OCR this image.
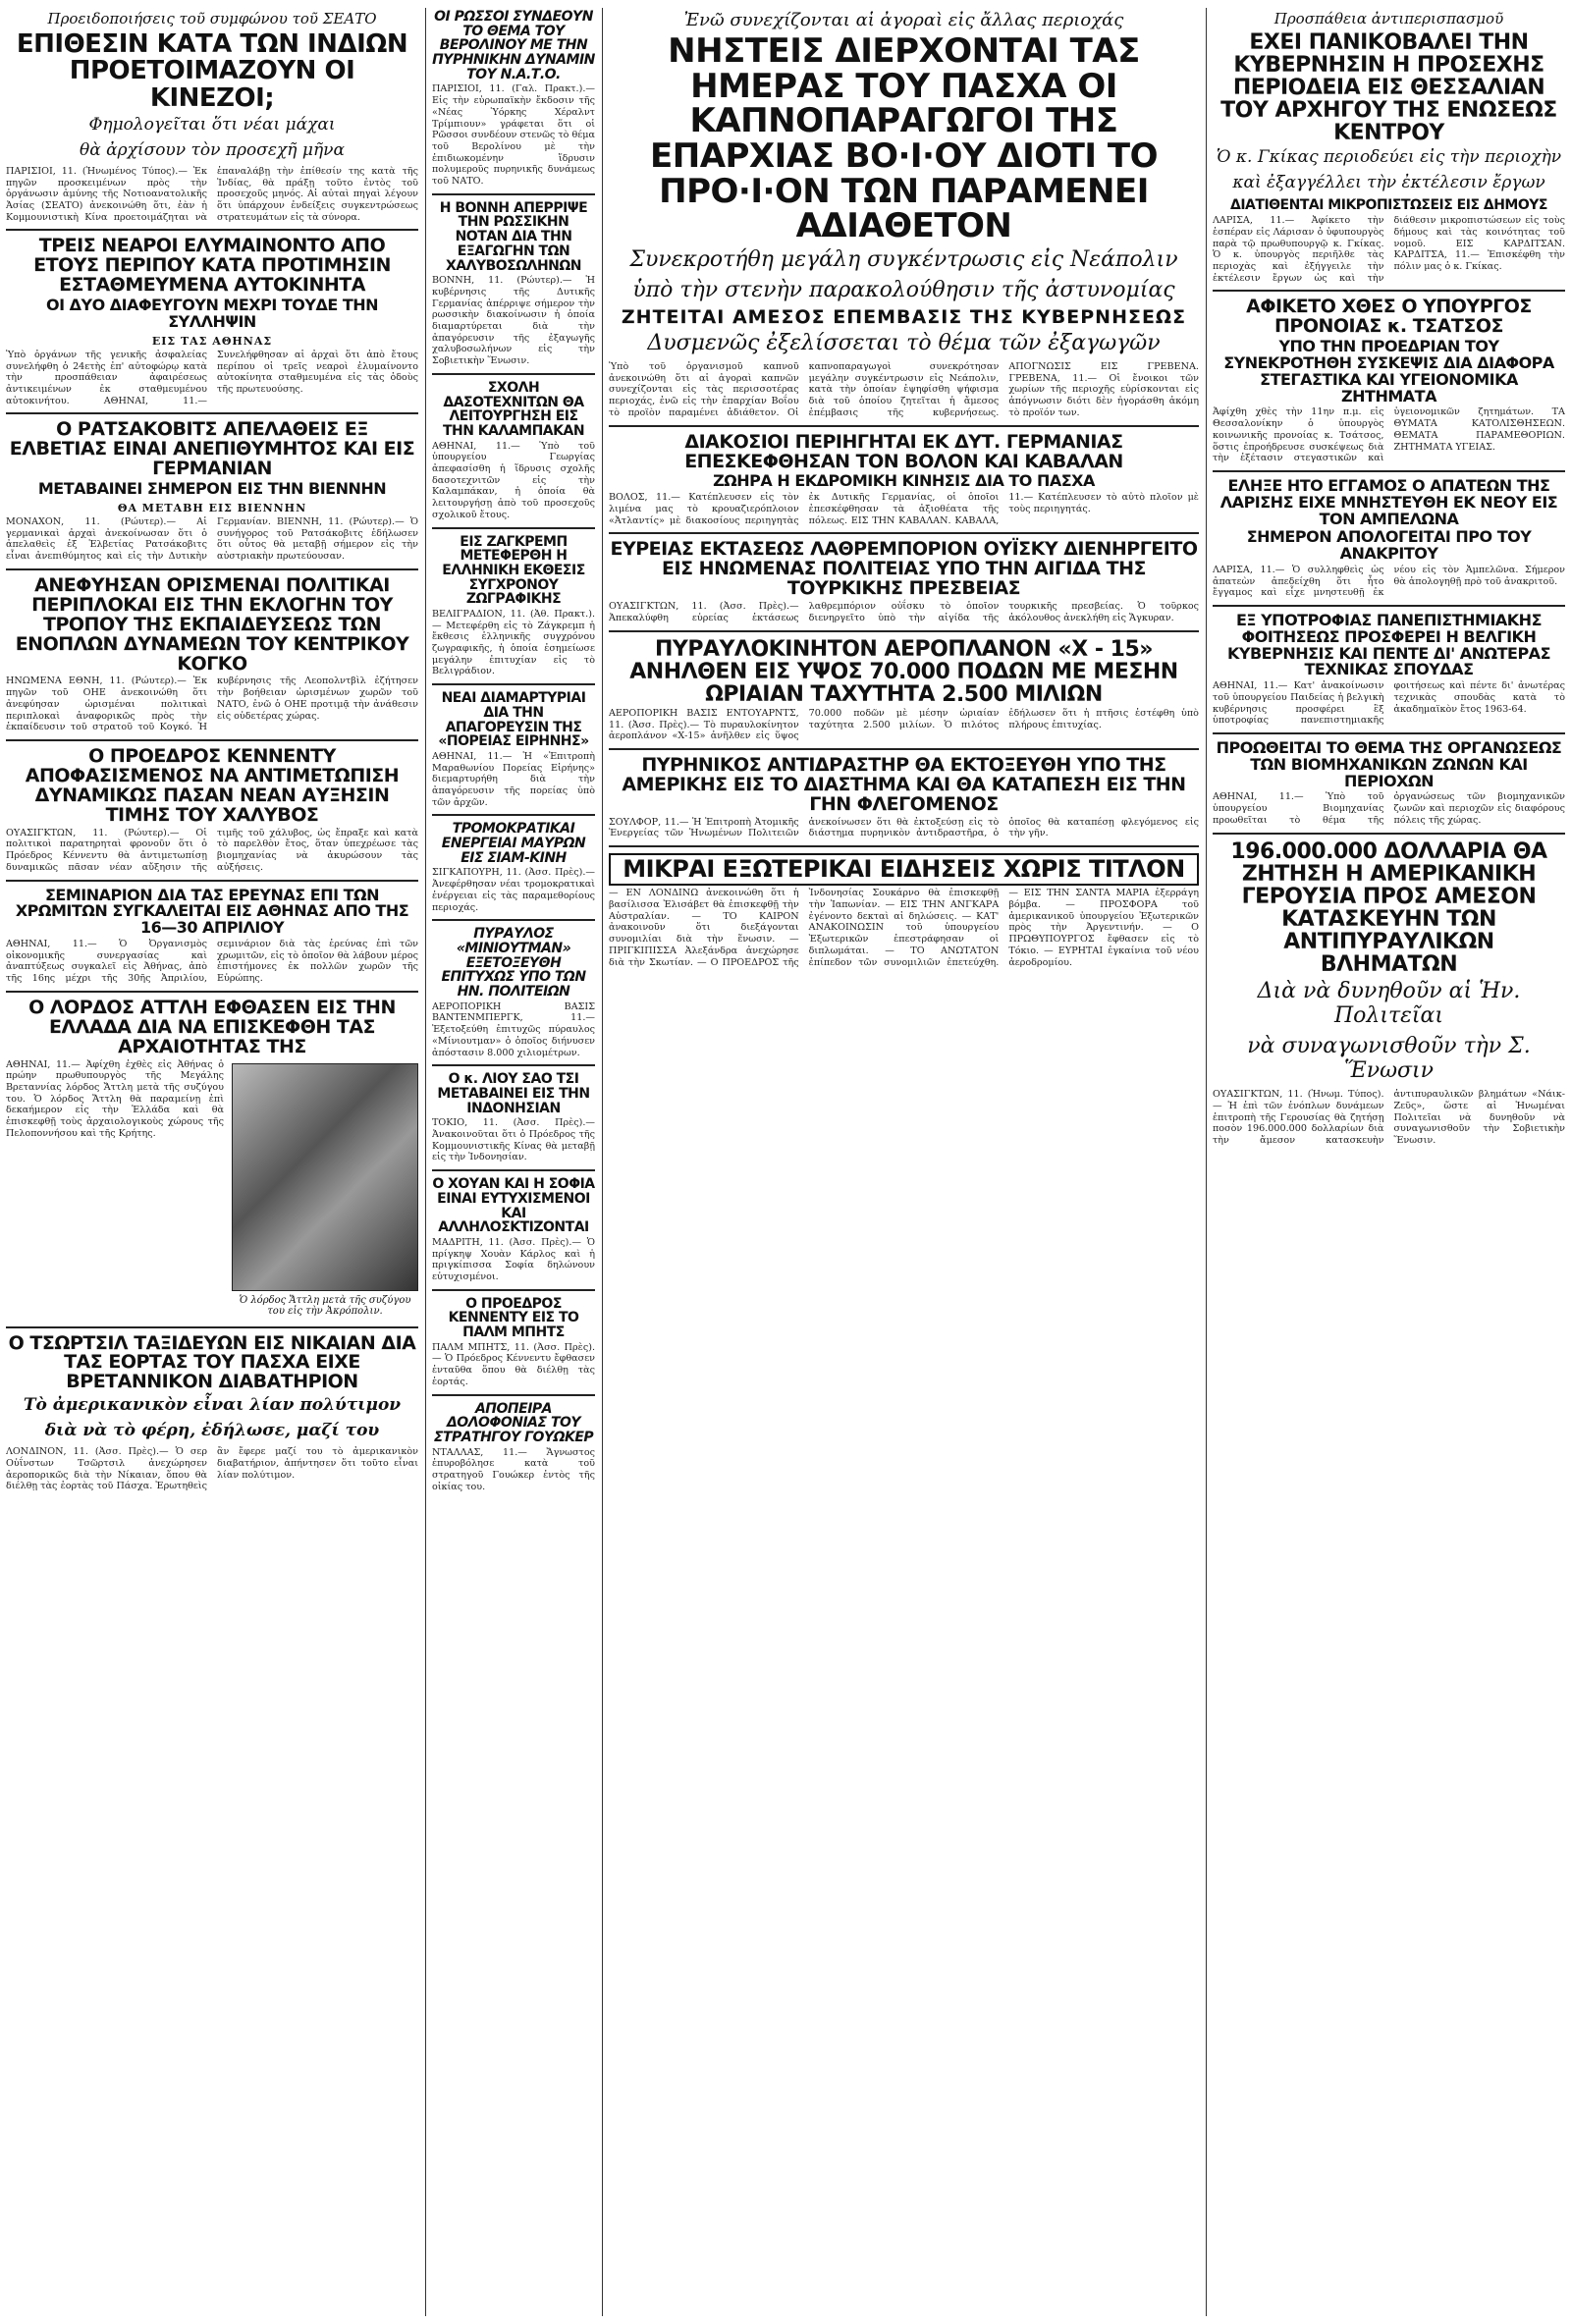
Προειδοποιήσεις τοῦ συμφώνου τοῦ ΣΕΑΤΟ
ΕΠΙΘΕΣΙΝ ΚΑΤΑ ΤΩΝ ΙΝΔΙΩΝ ΠΡΟΕΤΟΙΜΑΖΟΥΝ ΟΙ ΚΙΝΕΖΟΙ;
Φημολογεῖται ὅτι νέαι μάχαι
θὰ ἀρχίσουν τὸν προσεχῆ μῆνα
ΠΑΡΙΣΙΟΙ, 11. (Ἡνωμένος Τύπος).— Ἐκ πηγῶν προσκειμένων πρὸς τὴν ὀργάνωσιν ἀμύνης τῆς Νοτιοανατολικῆς Ἀσίας (ΣΕΑΤΟ) ἀνεκοινώθη ὅτι, ἐὰν ἡ Κομμουνιστικὴ Κίνα προετοιμάζηται νὰ ἐπαναλάβῃ τὴν ἐπίθεσίν της κατὰ τῆς Ἰνδίας, θὰ πράξῃ τοῦτο ἐντὸς τοῦ προσεχοῦς μηνός. Αἱ αὐταὶ πηγαὶ λέγουν ὅτι ὑπάρχουν ἐνδείξεις συγκεντρώσεως στρατευμάτων εἰς τὰ σύνορα.
ΤΡΕΙΣ ΝΕΑΡΟΙ ΕΛΥΜΑΙΝΟΝΤΟ ΑΠΟ ΕΤΟΥΣ ΠΕΡΙΠΟΥ ΚΑΤΑ ΠΡΟΤΙΜΗΣΙΝ ΕΣΤΑΘΜΕΥΜΕΝΑ ΑΥΤΟΚΙΝΗΤΑ
ΟΙ ΔΥΟ ΔΙΑΦΕΥΓΟΥΝ ΜΕΧΡΙ ΤΟΥΔΕ ΤΗΝ ΣΥΛΛΗΨΙΝ
ΕΙΣ ΤΑΣ ΑΘΗΝΑΣ
Ὑπὸ ὀργάνων τῆς γενικῆς ἀσφαλείας συνελήφθη ὁ 24ετὴς ἐπ' αὐτοφώρῳ κατὰ τὴν προσπάθειαν ἀφαιρέσεως ἀντικειμένων ἐκ σταθμευμένου αὐτοκινήτου. ΑΘΗΝΑΙ, 11.— Συνελήφθησαν αἱ ἀρχαὶ ὅτι ἀπὸ ἔτους περίπου οἱ τρεῖς νεαροὶ ἐλυμαίνοντο αὐτοκίνητα σταθμευμένα εἰς τὰς ὁδοὺς τῆς πρωτευούσης.
Ο ΡΑΤΣΑΚΟΒΙΤΣ ΑΠΕΛΑΘΕΙΣ ΕΞ ΕΛΒΕΤΙΑΣ ΕΙΝΑΙ ΑΝΕΠΙΘΥΜΗΤΟΣ ΚΑΙ ΕΙΣ ΓΕΡΜΑΝΙΑΝ
ΜΕΤΑΒΑΙΝΕΙ ΣΗΜΕΡΟΝ ΕΙΣ ΤΗΝ ΒΙΕΝΝΗΝ
ΘΑ ΜΕΤΑΒΗ ΕΙΣ ΒΙΕΝΝΗΝ
ΜΟΝΑΧΟΝ, 11. (Ρώυτερ).— Αἱ γερμανικαὶ ἀρχαὶ ἀνεκοίνωσαν ὅτι ὁ ἀπελαθεὶς ἐξ Ἑλβετίας Ρατσάκοβιτς εἶναι ἀνεπιθύμητος καὶ εἰς τὴν Δυτικὴν Γερμανίαν. ΒΙΕΝΝΗ, 11. (Ρώυτερ).— Ὁ συνήγορος τοῦ Ρατσάκοβιτς ἐδήλωσεν ὅτι οὗτος θὰ μεταβῇ σήμερον εἰς τὴν αὐστριακὴν πρωτεύουσαν.
ΑΝΕΦΥΗΣΑΝ ΟΡΙΣΜΕΝΑΙ ΠΟΛΙΤΙΚΑΙ ΠΕΡΙΠΛΟΚΑΙ ΕΙΣ ΤΗΝ ΕΚΛΟΓΗΝ ΤΟΥ ΤΡΟΠΟΥ ΤΗΣ ΕΚΠΑΙΔΕΥΣΕΩΣ ΤΩΝ ΕΝΟΠΛΩΝ ΔΥΝΑΜΕΩΝ ΤΟΥ ΚΕΝΤΡΙΚΟΥ ΚΟΓΚΟ
ΗΝΩΜΕΝΑ ΕΘΝΗ, 11. (Ρώυτερ).— Ἐκ πηγῶν τοῦ ΟΗΕ ἀνεκοινώθη ὅτι ἀνεφύησαν ὡρισμέναι πολιτικαὶ περιπλοκαὶ ἀναφορικῶς πρὸς τὴν ἐκπαίδευσιν τοῦ στρατοῦ τοῦ Κογκό. Ἡ κυβέρνησις τῆς Λεοπολντβὶλ ἐζήτησεν τὴν βοήθειαν ὡρισμένων χωρῶν τοῦ ΝΑΤΟ, ἐνῶ ὁ ΟΗΕ προτιμᾷ τὴν ἀνάθεσιν εἰς οὐδετέρας χώρας.
Ο ΠΡΟΕΔΡΟΣ ΚΕΝΝΕΝΤΥ ΑΠΟΦΑΣΙΣΜΕΝΟΣ ΝΑ ΑΝΤΙΜΕΤΩΠΙΣΗ ΔΥΝΑΜΙΚΩΣ ΠΑΣΑΝ ΝΕΑΝ ΑΥΞΗΣΙΝ ΤΙΜΗΣ ΤΟΥ ΧΑΛΥΒΟΣ
ΟΥΑΣΙΓΚΤΩΝ, 11. (Ρώυτερ).— Οἱ πολιτικοὶ παρατηρηταὶ φρονοῦν ὅτι ὁ Πρόεδρος Κέννεντυ θὰ ἀντιμετωπίσῃ δυναμικῶς πᾶσαν νέαν αὔξησιν τῆς τιμῆς τοῦ χάλυβος, ὡς ἔπραξε καὶ κατὰ τὸ παρελθὸν ἔτος, ὅταν ὑπεχρέωσε τὰς βιομηχανίας νὰ ἀκυρώσουν τὰς αὐξήσεις.
ΣΕΜΙΝΑΡΙΟΝ ΔΙΑ ΤΑΣ ΕΡΕΥΝΑΣ ΕΠΙ ΤΩΝ ΧΡΩΜΙΤΩΝ ΣΥΓΚΑΛΕΙΤΑΙ ΕΙΣ ΑΘΗΝΑΣ ΑΠΟ ΤΗΣ 16—30 ΑΠΡΙΛΙΟΥ
ΑΘΗΝΑΙ, 11.— Ὁ Ὀργανισμὸς οἰκονομικῆς συνεργασίας καὶ ἀναπτύξεως συγκαλεῖ εἰς Ἀθήνας, ἀπὸ τῆς 16ης μέχρι τῆς 30ῆς Ἀπριλίου, σεμινάριον διὰ τὰς ἐρεύνας ἐπὶ τῶν χρωμιτῶν, εἰς τὸ ὁποῖον θὰ λάβουν μέρος ἐπιστήμονες ἐκ πολλῶν χωρῶν τῆς Εὐρώπης.
Ο ΛΟΡΔΟΣ ΑΤΤΛΗ ΕΦΘΑΣΕΝ ΕΙΣ ΤΗΝ ΕΛΛΑΔΑ ΔΙΑ ΝΑ ΕΠΙΣΚΕΦΘΗ ΤΑΣ ΑΡΧΑΙΟΤΗΤΑΣ ΤΗΣ
ΑΘΗΝΑΙ, 11.— Ἀφίχθη ἐχθὲς εἰς Ἀθήνας ὁ πρώην πρωθυπουργὸς τῆς Μεγάλης Βρεταννίας λόρδος Ἄττλη μετὰ τῆς συζύγου του. Ὁ λόρδος Ἄττλη θὰ παραμείνῃ ἐπὶ δεκαήμερον εἰς τὴν Ἑλλάδα καὶ θὰ ἐπισκεφθῇ τοὺς ἀρχαιολογικοὺς χώρους τῆς Πελοποννήσου καὶ τῆς Κρήτης.
Ὁ λόρδος Ἄττλη μετὰ τῆς συζύγου του εἰς τὴν Ἀκρόπολιν.
Ο ΤΣΩΡΤΣΙΛ ΤΑΞΙΔΕΥΩΝ ΕΙΣ ΝΙΚΑΙΑΝ ΔΙΑ ΤΑΣ ΕΟΡΤΑΣ ΤΟΥ ΠΑΣΧΑ ΕΙΧΕ ΒΡΕΤΑΝΝΙΚΟΝ ΔΙΑΒΑΤΗΡΙΟΝ
Τὸ ἀμερικανικὸν εἶναι λίαν πολύτιμον
διὰ νὰ τὸ φέρη, ἐδήλωσε, μαζί του
ΛΟΝΔΙΝΟΝ, 11. (Ἀσσ. Πρὲς).— Ὁ σερ Οὐΐνστων Τσῶρτσιλ ἀνεχώρησεν ἀεροπορικῶς διὰ τὴν Νίκαιαν, ὅπου θὰ διέλθῃ τὰς ἑορτὰς τοῦ Πάσχα. Ἐρωτηθεὶς ἂν ἔφερε μαζί του τὸ ἀμερικανικὸν διαβατήριον, ἀπήντησεν ὅτι τοῦτο εἶναι λίαν πολύτιμον.
ΟΙ ΡΩΣΣΟΙ ΣΥΝΔΕΟΥΝ ΤΟ ΘΕΜΑ ΤΟΥ ΒΕΡΟΛΙΝΟΥ ΜΕ ΤΗΝ ΠΥΡΗΝΙΚΗΝ ΔΥΝΑΜΙΝ ΤΟΥ Ν.Α.Τ.Ο.
ΠΑΡΙΣΙΟΙ, 11. (Γαλ. Πρακτ.).— Εἰς τὴν εὐρωπαϊκὴν ἔκδοσιν τῆς «Νέας Ὑόρκης Χέραλντ Τρίμπιουν» γράφεται ὅτι οἱ Ρῶσσοι συνδέουν στενῶς τὸ θέμα τοῦ Βερολίνου μὲ τὴν ἐπιδιωκομένην ἵδρυσιν πολυμεροῦς πυρηνικῆς δυνάμεως τοῦ ΝΑΤΟ.
Η ΒΟΝΝΗ ΑΠΕΡΡΙΨΕ ΤΗΝ ΡΩΣΣΙΚΗΝ ΝΟΤΑΝ ΔΙΑ ΤΗΝ ΕΞΑΓΩΓΗΝ ΤΩΝ ΧΑΛΥΒΟΣΩΛΗΝΩΝ
ΒΟΝΝΗ, 11. (Ρώυτερ).— Ἡ κυβέρνησις τῆς Δυτικῆς Γερμανίας ἀπέρριψε σήμερον τὴν ρωσσικὴν διακοίνωσιν ἡ ὁποία διαμαρτύρεται διὰ τὴν ἀπαγόρευσιν τῆς ἐξαγωγῆς χαλυβοσωλήνων εἰς τὴν Σοβιετικὴν Ἕνωσιν.
ΣΧΟΛΗ ΔΑΣΟΤΕΧΝΙΤΩΝ ΘΑ ΛΕΙΤΟΥΡΓΗΣΗ ΕΙΣ ΤΗΝ ΚΑΛΑΜΠΑΚΑΝ
ΑΘΗΝΑΙ, 11.— Ὑπὸ τοῦ ὑπουργείου Γεωργίας ἀπεφασίσθη ἡ ἵδρυσις σχολῆς δασοτεχνιτῶν εἰς τὴν Καλαμπάκαν, ἡ ὁποία θὰ λειτουργήσῃ ἀπὸ τοῦ προσεχοῦς σχολικοῦ ἔτους.
ΕΙΣ ΖΑΓΚΡΕΜΠ ΜΕΤΕΦΕΡΘΗ Η ΕΛΛΗΝΙΚΗ ΕΚΘΕΣΙΣ ΣΥΓΧΡΟΝΟΥ ΖΩΓΡΑΦΙΚΗΣ
ΒΕΛΙΓΡΑΔΙΟΝ, 11. (Ἀθ. Πρακτ.).— Μετεφέρθη εἰς τὸ Ζάγκρεμπ ἡ ἔκθεσις ἑλληνικῆς συγχρόνου ζωγραφικῆς, ἡ ὁποία ἐσημείωσε μεγάλην ἐπιτυχίαν εἰς τὸ Βελιγράδιον.
ΝΕΑΙ ΔΙΑΜΑΡΤΥΡΙΑΙ ΔΙΑ ΤΗΝ ΑΠΑΓΟΡΕΥΣΙΝ ΤΗΣ «ΠΟΡΕΙΑΣ ΕΙΡΗΝΗΣ»
ΑΘΗΝΑΙ, 11.— Ἡ «Ἐπιτροπὴ Μαραθωνίου Πορείας Εἰρήνης» διεμαρτυρήθη διὰ τὴν ἀπαγόρευσιν τῆς πορείας ὑπὸ τῶν ἀρχῶν.
ΤΡΟΜΟΚΡΑΤΙΚΑΙ ΕΝΕΡΓΕΙΑΙ ΜΑΥΡΩΝ ΕΙΣ ΣΙΑΜ-ΚΙΝΗ
ΣΙΓΚΑΠΟΥΡΗ, 11. (Ἀσσ. Πρὲς).— Ἀνεφέρθησαν νέαι τρομοκρατικαὶ ἐνέργειαι εἰς τὰς παραμεθορίους περιοχάς.
ΠΥΡΑΥΛΟΣ «ΜΙΝΙΟΥΤΜΑΝ» ΕΞΕΤΟΞΕΥΘΗ ΕΠΙΤΥΧΩΣ ΥΠΟ ΤΩΝ ΗΝ. ΠΟΛΙΤΕΙΩΝ
ΑΕΡΟΠΟΡΙΚΗ ΒΑΣΙΣ ΒΑΝΤΕΝΜΠΕΡΓΚ, 11.— Ἐξετοξεύθη ἐπιτυχῶς πύραυλος «Μίνιουτμαν» ὁ ὁποῖος διήνυσεν ἀπόστασιν 8.000 χιλιομέτρων.
Ο κ. ΛΙΟΥ ΣΑΟ ΤΣΙ ΜΕΤΑΒΑΙΝΕΙ ΕΙΣ ΤΗΝ ΙΝΔΟΝΗΣΙΑΝ
ΤΟΚΙΟ, 11. (Ἀσσ. Πρὲς).— Ἀνακοινοῦται ὅτι ὁ Πρόεδρος τῆς Κομμουνιστικῆς Κίνας θὰ μεταβῇ εἰς τὴν Ἰνδονησίαν.
Ο ΧΟΥΑΝ ΚΑΙ Η ΣΟΦΙΑ ΕΙΝΑΙ ΕΥΤΥΧΙΣΜΕΝΟΙ ΚΑΙ ΑΛΛΗΛΟΣΚΤΙΖΟΝΤΑΙ
ΜΑΔΡΙΤΗ, 11. (Ἀσσ. Πρὲς).— Ὁ πρίγκηψ Χουὰν Κάρλος καὶ ἡ πριγκίπισσα Σοφία δηλώνουν εὐτυχισμένοι.
Ο ΠΡΟΕΔΡΟΣ ΚΕΝΝΕΝΤΥ ΕΙΣ ΤΟ ΠΑΛΜ ΜΠΗΤΣ
ΠΑΛΜ ΜΠΗΤΣ, 11. (Ἀσσ. Πρὲς).— Ὁ Πρόεδρος Κέννεντυ ἔφθασεν ἐνταῦθα ὅπου θὰ διέλθῃ τὰς ἑορτάς.
ΑΠΟΠΕΙΡΑ ΔΟΛΟΦΟΝΙΑΣ ΤΟΥ ΣΤΡΑΤΗΓΟΥ ΓΟΥΩΚΕΡ
ΝΤΑΛΛΑΣ, 11.— Ἄγνωστος ἐπυροβόλησε κατὰ τοῦ στρατηγοῦ Γουώκερ ἐντὸς τῆς οἰκίας του.
Ἐνῶ συνεχίζονται αἱ ἀγοραὶ εἰς ἄλλας περιοχάς
ΝΗΣΤΕΙΣ ΔΙΕΡΧΟΝΤΑΙ ΤΑΣ ΗΜΕΡΑΣ ΤΟΥ ΠΑΣΧΑ ΟΙ ΚΑΠΝΟΠΑΡΑΓΩΓΟΙ ΤΗΣ ΕΠΑΡΧΙΑΣ ΒΟ·Ι·ΟΥ ΔΙΟΤΙ ΤΟ ΠΡΟ·Ι·ΟΝ ΤΩΝ ΠΑΡΑΜΕΝΕΙ ΑΔΙΑΘΕΤΟΝ
Συνεκροτήθη μεγάλη συγκέντρωσις εἰς Νεάπολιν
ὑπὸ τὴν στενὴν παρακολούθησιν τῆς ἀστυνομίας
ΖΗΤΕΙΤΑΙ ΑΜΕΣΟΣ ΕΠΕΜΒΑΣΙΣ ΤΗΣ ΚΥΒΕΡΝΗΣΕΩΣ
Δυσμενῶς ἐξελίσσεται τὸ θέμα τῶν ἐξαγωγῶν
Ὑπὸ τοῦ ὀργανισμοῦ καπνοῦ ἀνεκοινώθη ὅτι αἱ ἀγοραὶ καπνῶν συνεχίζονται εἰς τὰς περισσοτέρας περιοχάς, ἐνῶ εἰς τὴν ἐπαρχίαν Βοΐου τὸ προϊὸν παραμένει ἀδιάθετον. Οἱ καπνοπαραγωγοὶ συνεκρότησαν μεγάλην συγκέντρωσιν εἰς Νεάπολιν, κατὰ τὴν ὁποίαν ἐψηφίσθη ψήφισμα διὰ τοῦ ὁποίου ζητεῖται ἡ ἄμεσος ἐπέμβασις τῆς κυβερνήσεως. ΑΠΟΓΝΩΣΙΣ ΕΙΣ ΓΡΕΒΕΝΑ. ΓΡΕΒΕΝΑ, 11.— Οἱ ἔνοικοι τῶν χωρίων τῆς περιοχῆς εὑρίσκονται εἰς ἀπόγνωσιν διότι δὲν ἠγοράσθη ἀκόμη τὸ προϊόν των.
ΔΙΑΚΟΣΙΟΙ ΠΕΡΙΗΓΗΤΑΙ ΕΚ ΔΥΤ. ΓΕΡΜΑΝΙΑΣ ΕΠΕΣΚΕΦΘΗΣΑΝ ΤΟΝ ΒΟΛΟΝ ΚΑΙ ΚΑΒΑΛΑΝ
ΖΩΗΡΑ Η ΕΚΔΡΟΜΙΚΗ ΚΙΝΗΣΙΣ ΔΙΑ ΤΟ ΠΑΣΧΑ
ΒΟΛΟΣ, 11.— Κατέπλευσεν εἰς τὸν λιμένα μας τὸ κρουαζιερόπλοιον «Ἀτλαντίς» μὲ διακοσίους περιηγητὰς ἐκ Δυτικῆς Γερμανίας, οἱ ὁποῖοι ἐπεσκέφθησαν τὰ ἀξιοθέατα τῆς πόλεως. ΕΙΣ ΤΗΝ ΚΑΒΑΛΑΝ. ΚΑΒΑΛΑ, 11.— Κατέπλευσεν τὸ αὐτὸ πλοῖον μὲ τοὺς περιηγητάς.
ΕΥΡΕΙΑΣ ΕΚΤΑΣΕΩΣ ΛΑΘΡΕΜΠΟΡΙΟΝ ΟΥΪΣΚΥ ΔΙΕΝΗΡΓΕΙΤΟ ΕΙΣ ΗΝΩΜΕΝΑΣ ΠΟΛΙΤΕΙΑΣ ΥΠΟ ΤΗΝ ΑΙΓΙΔΑ ΤΗΣ ΤΟΥΡΚΙΚΗΣ ΠΡΕΣΒΕΙΑΣ
ΟΥΑΣΙΓΚΤΩΝ, 11. (Ἀσσ. Πρὲς).— Ἀπεκαλύφθη εὐρείας ἐκτάσεως λαθρεμπόριον οὐΐσκυ τὸ ὁποῖον διενηργεῖτο ὑπὸ τὴν αἰγίδα τῆς τουρκικῆς πρεσβείας. Ὁ τοῦρκος ἀκόλουθος ἀνεκλήθη εἰς Ἄγκυραν.
ΠΥΡΑΥΛΟΚΙΝΗΤΟΝ ΑΕΡΟΠΛΑΝΟΝ «Χ - 15» ΑΝΗΛΘΕΝ ΕΙΣ ΥΨΟΣ 70.000 ΠΟΔΩΝ ΜΕ ΜΕΣΗΝ ΩΡΙΑΙΑΝ ΤΑΧΥΤΗΤΑ 2.500 ΜΙΛΙΩΝ
ΑΕΡΟΠΟΡΙΚΗ ΒΑΣΙΣ ΕΝΤΟΥΑΡΝΤΣ, 11. (Ἀσσ. Πρὲς).— Τὸ πυραυλοκίνητον ἀεροπλάνον «Χ-15» ἀνῆλθεν εἰς ὕψος 70.000 ποδῶν μὲ μέσην ὡριαίαν ταχύτητα 2.500 μιλίων. Ὁ πιλότος ἐδήλωσεν ὅτι ἡ πτῆσις ἐστέφθη ὑπὸ πλήρους ἐπιτυχίας.
ΠΥΡΗΝΙΚΟΣ ΑΝΤΙΔΡΑΣΤΗΡ ΘΑ ΕΚΤΟΞΕΥΘΗ ΥΠΟ ΤΗΣ ΑΜΕΡΙΚΗΣ ΕΙΣ ΤΟ ΔΙΑΣΤΗΜΑ ΚΑΙ ΘΑ ΚΑΤΑΠΕΣΗ ΕΙΣ ΤΗΝ ΓΗΝ ΦΛΕΓΟΜΕΝΟΣ
ΣΟΥΛΦΟΡ, 11.— Ἡ Ἐπιτροπὴ Ἀτομικῆς Ἐνεργείας τῶν Ἡνωμένων Πολιτειῶν ἀνεκοίνωσεν ὅτι θὰ ἐκτοξεύσῃ εἰς τὸ διάστημα πυρηνικὸν ἀντιδραστῆρα, ὁ ὁποῖος θὰ καταπέσῃ φλεγόμενος εἰς τὴν γῆν.
ΜΙΚΡΑΙ ΕΞΩΤΕΡΙΚΑΙ ΕΙΔΗΣΕΙΣ ΧΩΡΙΣ ΤΙΤΛΟΝ
— ΕΝ ΛΟΝΔΙΝΩ ἀνεκοινώθη ὅτι ἡ βασίλισσα Ἐλισάβετ θὰ ἐπισκεφθῇ τὴν Αὐστραλίαν. — ΤΟ ΚΑΙΡΟΝ ἀνακοινοῦν ὅτι διεξάγονται συνομιλίαι διὰ τὴν ἕνωσιν. — ΠΡΙΓΚΙΠΙΣΣΑ Ἀλεξάνδρα ἀνεχώρησε διὰ τὴν Σκωτίαν. — Ο ΠΡΟΕΔΡΟΣ τῆς Ἰνδονησίας Σουκάρνο θὰ ἐπισκεφθῇ τὴν Ἰαπωνίαν. — ΕΙΣ ΤΗΝ ΑΝΓΚΑΡΑ ἐγένοντο δεκταὶ αἱ δηλώσεις. — ΚΑΤ' ΑΝΑΚΟΙΝΩΣΙΝ τοῦ ὑπουργείου Ἐξωτερικῶν ἐπεστράφησαν οἱ διπλωμάται. — ΤΟ ΑΝΩΤΑΤΟΝ ἐπίπεδον τῶν συνομιλιῶν ἐπετεύχθη. — ΕΙΣ ΤΗΝ ΣΑΝΤΑ ΜΑΡΙΑ ἐξερράγη βόμβα. — ΠΡΟΣΦΟΡΑ τοῦ ἀμερικανικοῦ ὑπουργείου Ἐξωτερικῶν πρὸς τὴν Ἀργεντινήν. — Ο ΠΡΩΘΥΠΟΥΡΓΟΣ ἔφθασεν εἰς τὸ Τόκιο. — ΕΥΡΗΤΑΙ ἐγκαίνια τοῦ νέου ἀεροδρομίου.
Προσπάθεια ἀντιπερισπασμοῦ
ΕΧΕΙ ΠΑΝΙΚΟΒΑΛΕΙ ΤΗΝ ΚΥΒΕΡΝΗΣΙΝ Η ΠΡΟΣΕΧΗΣ ΠΕΡΙΟΔΕΙΑ ΕΙΣ ΘΕΣΣΑΛΙΑΝ ΤΟΥ ΑΡΧΗΓΟΥ ΤΗΣ ΕΝΩΣΕΩΣ ΚΕΝΤΡΟΥ
Ὁ κ. Γκίκας περιοδεύει εἰς τὴν περιοχὴν
καὶ ἐξαγγέλλει τὴν ἐκτέλεσιν ἔργων
ΔΙΑΤΙΘΕΝΤΑΙ ΜΙΚΡΟΠΙΣΤΩΣΕΙΣ ΕΙΣ ΔΗΜΟΥΣ
ΛΑΡΙΣΑ, 11.— Ἀφίκετο τὴν ἑσπέραν εἰς Λάρισαν ὁ ὑφυπουργὸς παρὰ τῷ πρωθυπουργῷ κ. Γκίκας. Ὁ κ. ὑπουργὸς περιῆλθε τὰς περιοχὰς καὶ ἐξήγγειλε τὴν ἐκτέλεσιν ἔργων ὡς καὶ τὴν διάθεσιν μικροπιστώσεων εἰς τοὺς δήμους καὶ τὰς κοινότητας τοῦ νομοῦ. ΕΙΣ ΚΑΡΔΙΤΣΑΝ. ΚΑΡΔΙΤΣΑ, 11.— Ἐπισκέφθη τὴν πόλιν μας ὁ κ. Γκίκας.
ΑΦΙΚΕΤΟ ΧΘΕΣ Ο ΥΠΟΥΡΓΟΣ ΠΡΟΝΟΙΑΣ κ. ΤΣΑΤΣΟΣ
ΥΠΟ ΤΗΝ ΠΡΟΕΔΡΙΑΝ ΤΟΥ ΣΥΝΕΚΡΟΤΗΘΗ ΣΥΣΚΕΨΙΣ ΔΙΑ ΔΙΑΦΟΡΑ ΣΤΕΓΑΣΤΙΚΑ ΚΑΙ ΥΓΕΙΟΝΟΜΙΚΑ ΖΗΤΗΜΑΤΑ
Ἀφίχθη χθὲς τὴν 11ην π.μ. εἰς Θεσσαλονίκην ὁ ὑπουργὸς κοινωνικῆς προνοίας κ. Τσάτσος, ὅστις ἐπροήδρευσε συσκέψεως διὰ τὴν ἐξέτασιν στεγαστικῶν καὶ ὑγειονομικῶν ζητημάτων. ΤΑ ΘΥΜΑΤΑ ΚΑΤΟΛΙΣΘΗΣΕΩΝ. ΘΕΜΑΤΑ ΠΑΡΑΜΕΘΟΡΙΩΝ. ΖΗΤΗΜΑΤΑ ΥΓΕΙΑΣ.
ΕΛΗΞΕ ΗΤΟ ΕΓΓΑΜΟΣ Ο ΑΠΑΤΕΩΝ ΤΗΣ ΛΑΡΙΣΗΣ ΕΙΧΕ ΜΝΗΣΤΕΥΘΗ ΕΚ ΝΕΟΥ ΕΙΣ ΤΟΝ ΑΜΠΕΛΩΝΑ
ΣΗΜΕΡΟΝ ΑΠΟΛΟΓΕΙΤΑΙ ΠΡΟ ΤΟΥ ΑΝΑΚΡΙΤΟΥ
ΛΑΡΙΣΑ, 11.— Ὁ συλληφθεὶς ὡς ἀπατεὼν ἀπεδείχθη ὅτι ἦτο ἔγγαμος καὶ εἶχε μνηστευθῇ ἐκ νέου εἰς τὸν Ἀμπελῶνα. Σήμερον θὰ ἀπολογηθῇ πρὸ τοῦ ἀνακριτοῦ.
ΕΞ ΥΠΟΤΡΟΦΙΑΣ ΠΑΝΕΠΙΣΤΗΜΙΑΚΗΣ ΦΟΙΤΗΣΕΩΣ ΠΡΟΣΦΕΡΕΙ Η ΒΕΛΓΙΚΗ ΚΥΒΕΡΝΗΣΙΣ ΚΑΙ ΠΕΝΤΕ ΔΙ' ΑΝΩΤΕΡΑΣ ΤΕΧΝΙΚΑΣ ΣΠΟΥΔΑΣ
ΑΘΗΝΑΙ, 11.— Κατ' ἀνακοίνωσιν τοῦ ὑπουργείου Παιδείας ἡ βελγικὴ κυβέρνησις προσφέρει ἓξ ὑποτροφίας πανεπιστημιακῆς φοιτήσεως καὶ πέντε δι' ἀνωτέρας τεχνικὰς σπουδὰς κατὰ τὸ ἀκαδημαϊκὸν ἔτος 1963-64.
ΠΡΟΩΘΕΙΤΑΙ ΤΟ ΘΕΜΑ ΤΗΣ ΟΡΓΑΝΩΣΕΩΣ ΤΩΝ ΒΙΟΜΗΧΑΝΙΚΩΝ ΖΩΝΩΝ ΚΑΙ ΠΕΡΙΟΧΩΝ
ΑΘΗΝΑΙ, 11.— Ὑπὸ τοῦ ὑπουργείου Βιομηχανίας προωθεῖται τὸ θέμα τῆς ὀργανώσεως τῶν βιομηχανικῶν ζωνῶν καὶ περιοχῶν εἰς διαφόρους πόλεις τῆς χώρας.
196.000.000 ΔΟΛΛΑΡΙΑ ΘΑ ΖΗΤΗΣΗ Η ΑΜΕΡΙΚΑΝΙΚΗ ΓΕΡΟΥΣΙΑ ΠΡΟΣ ΑΜΕΣΟΝ ΚΑΤΑΣΚΕΥΗΝ ΤΩΝ ΑΝΤΙΠΥΡΑΥΛΙΚΩΝ ΒΛΗΜΑΤΩΝ
Διὰ νὰ δυνηθοῦν αἱ Ἡν. Πολιτεῖαι
νὰ συναγωνισθοῦν τὴν Σ. Ἕνωσιν
ΟΥΑΣΙΓΚΤΩΝ, 11. (Ἡνωμ. Τύπος).— Ἡ ἐπὶ τῶν ἐνόπλων δυνάμεων ἐπιτροπὴ τῆς Γερουσίας θὰ ζητήσῃ ποσὸν 196.000.000 δολλαρίων διὰ τὴν ἄμεσον κατασκευὴν ἀντιπυραυλικῶν βλημάτων «Νάικ-Ζεῦς», ὥστε αἱ Ἡνωμέναι Πολιτεῖαι νὰ δυνηθοῦν νὰ συναγωνισθοῦν τὴν Σοβιετικὴν Ἕνωσιν.
